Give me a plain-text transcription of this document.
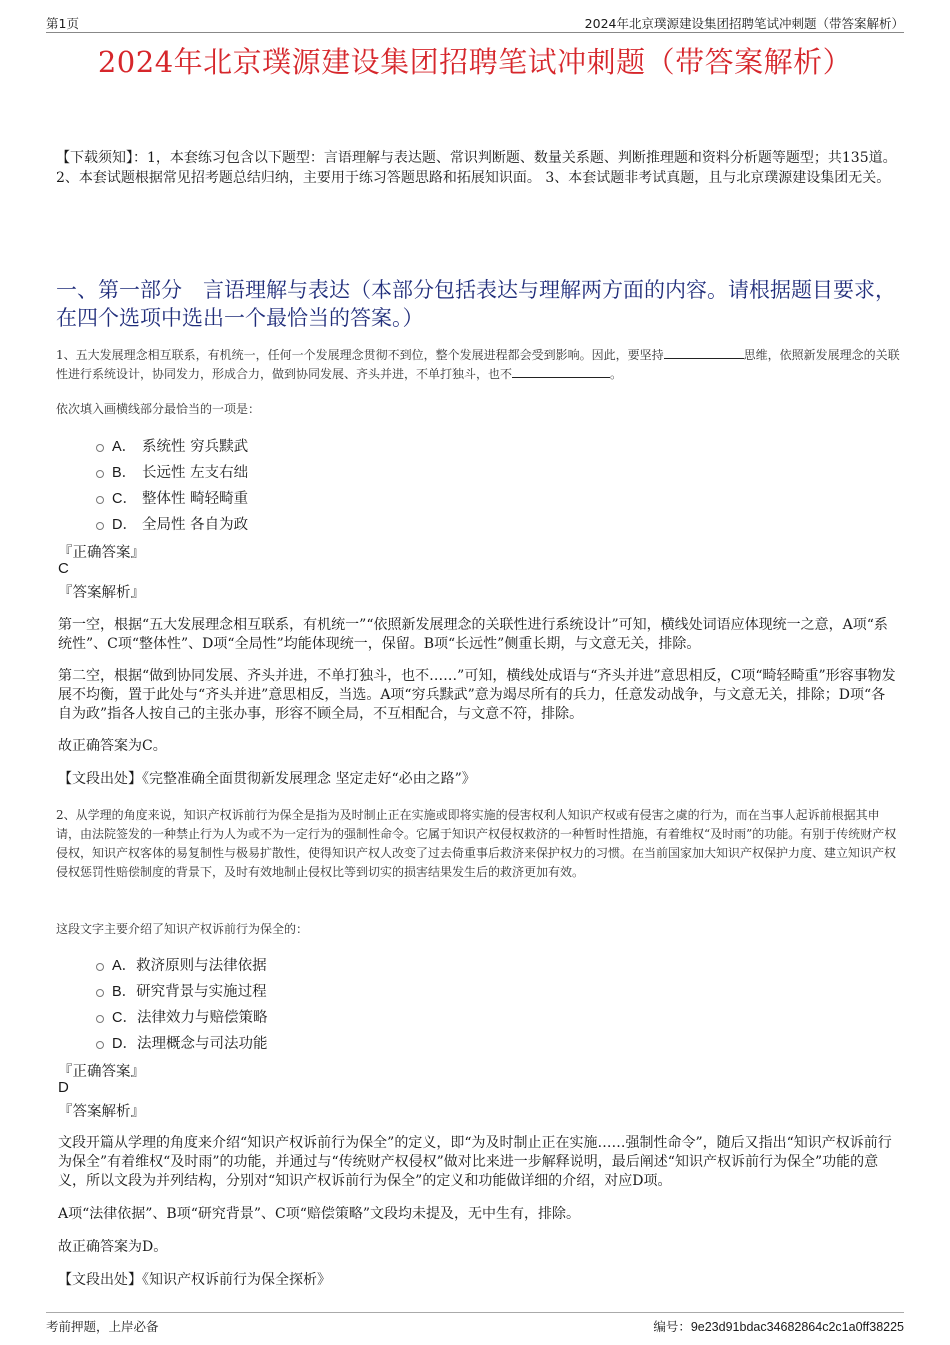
第1页	2024年北京璞源建设集团招聘笔试冲刺题（带答案解析）
2024年北京璞源建设集团招聘笔试冲刺题（带答案解析）
【下载须知】：1，本套练习包含以下题型：言语理解与表达题、常识判断题、数量关系题、判断推理题和资料分析题等题型；共135道。 2、本套试题根据常见招考题总结归纳，主要用于练习答题思路和拓展知识面。 3、本套试题非考试真题，且与北京璞源建设集团无关。
一、第一部分　言语理解与表达（本部分包括表达与理解两方面的内容。请根据题目要求，在四个选项中选出一个最恰当的答案。）
1、五大发展理念相互联系，有机统一，任何一个发展理念贯彻不到位，整个发展进程都会受到影响。因此，要坚持	思维，依照新发展理念的关联性进行系统设计，协同发力，形成合力，做到协同发展、齐头并进，不单打独斗，也不	。
依次填入画横线部分最恰当的一项是：
A． 系统性 穷兵黩武
B． 长远性 左支右绌
C． 整体性 畸轻畸重
D． 全局性 各自为政
『正确答案』
C
『答案解析』
第一空，根据“五大发展理念相互联系，有机统一”“依照新发展理念的关联性进行系统设计”可知，横线处词语应体现统一之意，A项“系统性”、C项“整体性”、D项“全局性”均能体现统一，保留。B项“长远性”侧重长期，与文意无关，排除。
第二空，根据“做到协同发展、齐头并进，不单打独斗，也不……”可知，横线处成语与“齐头并进”意思相反，C项“畸轻畸重”形容事物发展不均衡，置于此处与“齐头并进”意思相反，当选。A项“穷兵黩武”意为竭尽所有的兵力，任意发动战争，与文意无关，排除；D项“各自为政”指各人按自己的主张办事，形容不顾全局，不互相配合，与文意不符，排除。
故正确答案为C。
【文段出处】《完整准确全面贯彻新发展理念 坚定走好“必由之路”》
2、从学理的角度来说，知识产权诉前行为保全是指为及时制止正在实施或即将实施的侵害权利人知识产权或有侵害之虞的行为，而在当事人起诉前根据其申请，由法院签发的一种禁止行为人为或不为一定行为的强制性命令。它属于知识产权侵权救济的一种暂时性措施，有着维权“及时雨”的功能。有别于传统财产权侵权，知识产权客体的易复制性与极易扩散性，使得知识产权人改变了过去倚重事后救济来保护权力的习惯。在当前国家加大知识产权保护力度、建立知识产权侵权惩罚性赔偿制度的背景下，及时有效地制止侵权比等到切实的损害结果发生后的救济更加有效。
这段文字主要介绍了知识产权诉前行为保全的：
A． 救济原则与法律依据
B． 研究背景与实施过程
C． 法律效力与赔偿策略
D． 法理概念与司法功能
『正确答案』
D
『答案解析』
文段开篇从学理的角度来介绍“知识产权诉前行为保全”的定义，即“为及时制止正在实施……强制性命令”，随后又指出“知识产权诉前行为保全”有着维权“及时雨”的功能，并通过与“传统财产权侵权”做对比来进一步解释说明，最后阐述“知识产权诉前行为保全”功能的意义，所以文段为并列结构，分别对“知识产权诉前行为保全”的定义和功能做详细的介绍，对应D项。
A项“法律依据”、B项“研究背景”、C项“赔偿策略”文段均未提及，无中生有，排除。
故正确答案为D。
【文段出处】《知识产权诉前行为保全探析》
考前押题，上岸必备	编号：9e23d91bdac34682864c2c1a0ff38225
